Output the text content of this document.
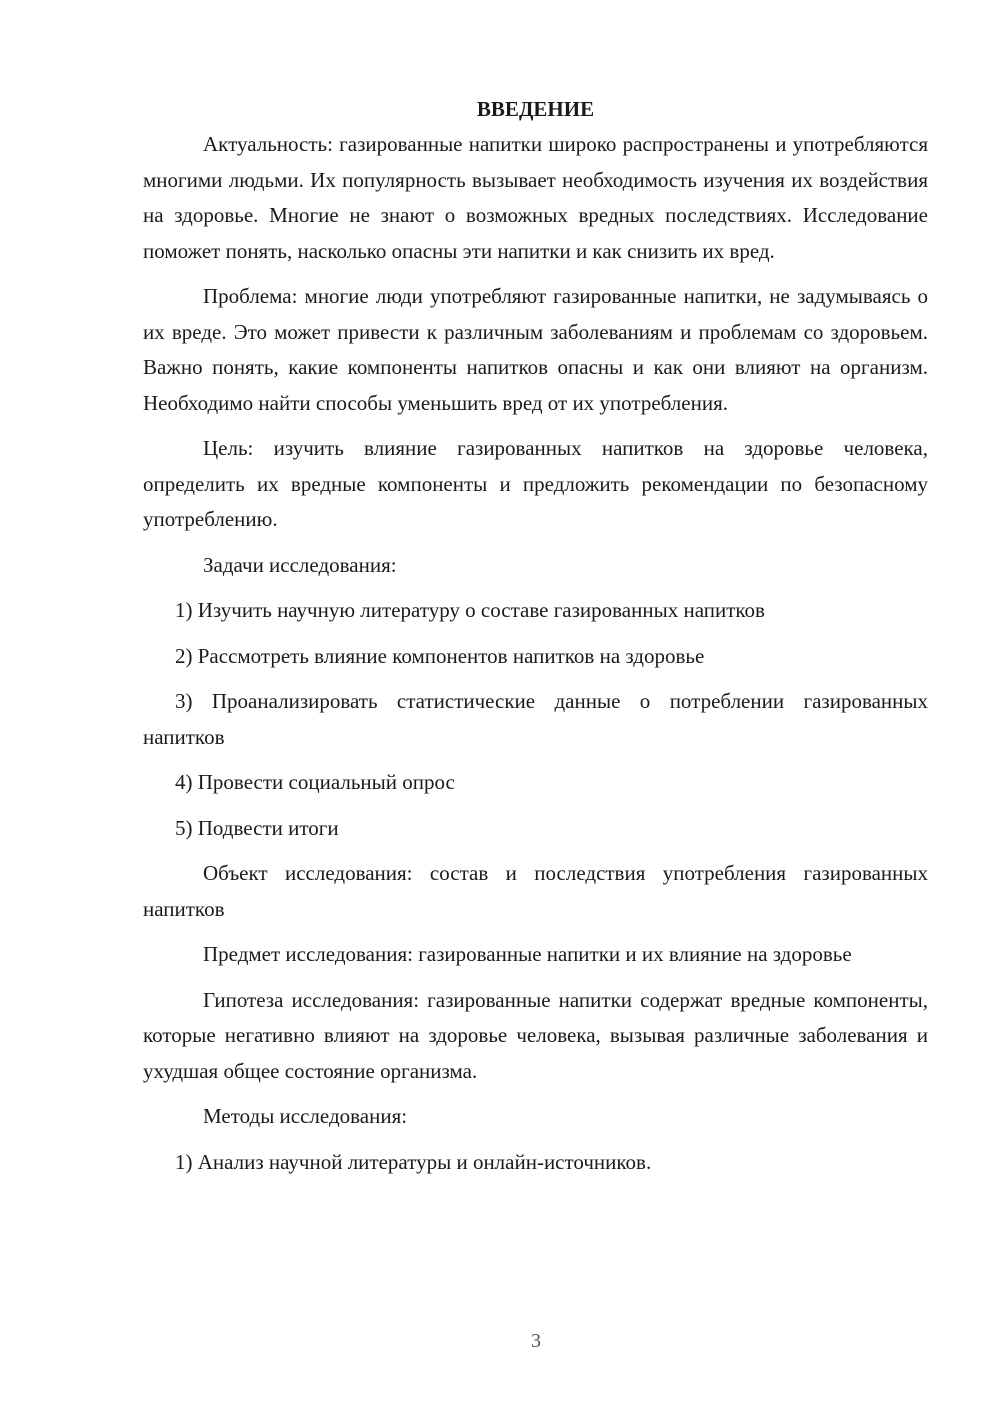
ВВЕДЕНИЕ

Актуальность: газированные напитки широко распространены и употребляются многими людьми. Их популярность вызывает необходимость изучения их воздействия на здоровье. Многие не знают о возможных вредных последствиях. Исследование поможет понять, насколько опасны эти напитки и как снизить их вред.

Проблема: многие люди употребляют газированные напитки, не задумываясь о их вреде. Это может привести к различным заболеваниям и проблемам со здоровьем. Важно понять, какие компоненты напитков опасны и как они влияют на организм. Необходимо найти способы уменьшить вред от их употребления.

Цель: изучить влияние газированных напитков на здоровье человека, определить их вредные компоненты и предложить рекомендации по безопасному употреблению.

Задачи исследования:

1) Изучить научную литературу о составе газированных напитков

2) Рассмотреть влияние компонентов напитков на здоровье

3) Проанализировать статистические данные о потреблении газированных напитков

4) Провести социальный опрос

5) Подвести итоги

Объект исследования: состав и последствия употребления газированных напитков

Предмет исследования: газированные напитки и их влияние на здоровье

Гипотеза исследования: газированные напитки содержат вредные компоненты, которые негативно влияют на здоровье человека, вызывая различные заболевания и ухудшая общее состояние организма.

Методы исследования:

1) Анализ научной литературы и онлайн-источников.

3
